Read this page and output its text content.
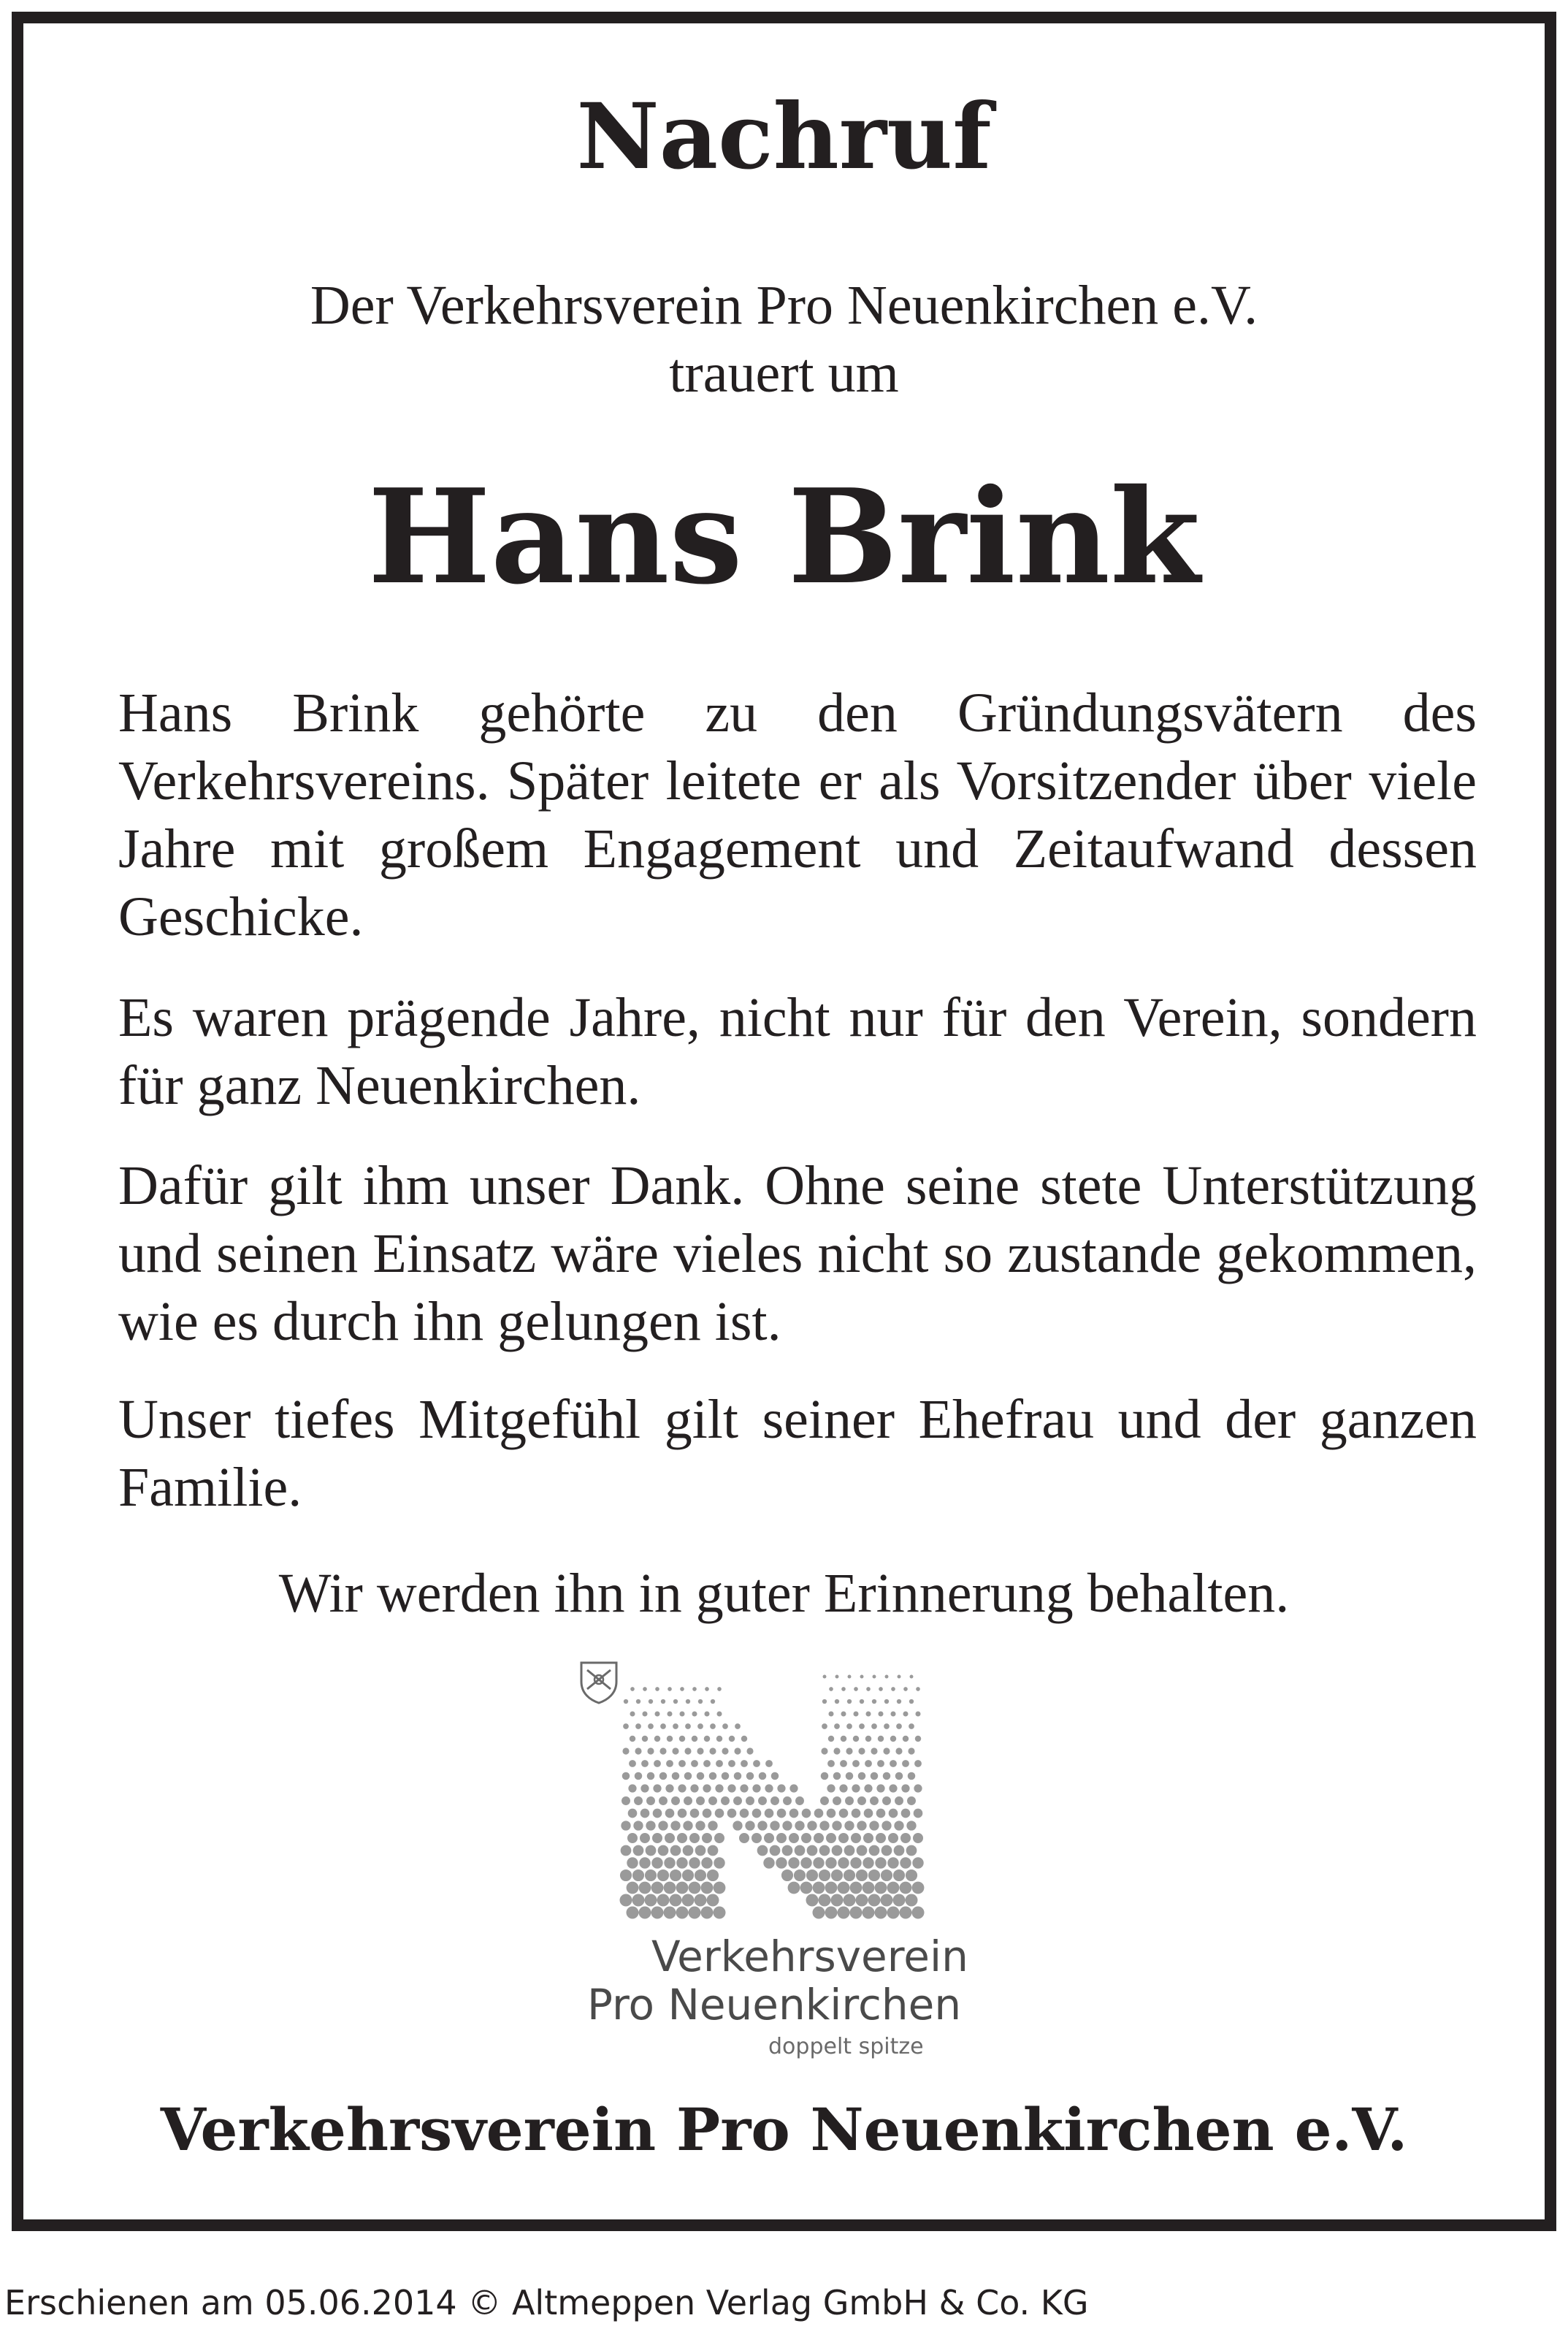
Nachruf
Der Verkehrsverein Pro Neuenkirchen e.V.
trauert um
Hans Brink

Hans Brink gehörte zu den Gründungsvätern des Verkehrsvereins. Später leitete er als Vorsitzender über viele Jahre mit großem Engagement und Zeitaufwand dessen Geschicke.

Es waren prägende Jahre, nicht nur für den Verein, sondern für ganz Neuenkirchen.

Dafür gilt ihm unser Dank. Ohne seine stete Unterstützung und seinen Einsatz wäre vieles nicht so zustande gekommen, wie es durch ihn gelungen ist.

Unser tiefes Mitgefühl gilt seiner Ehefrau und der ganzen Familie.

Wir werden ihn in guter Erinnerung behalten.

Verkehrsverein
Pro Neuenkirchen
doppelt spitze
Verkehrsverein Pro Neuenkirchen e.V.
Erschienen am 05.06.2014 © Altmeppen Verlag GmbH & Co. KG
